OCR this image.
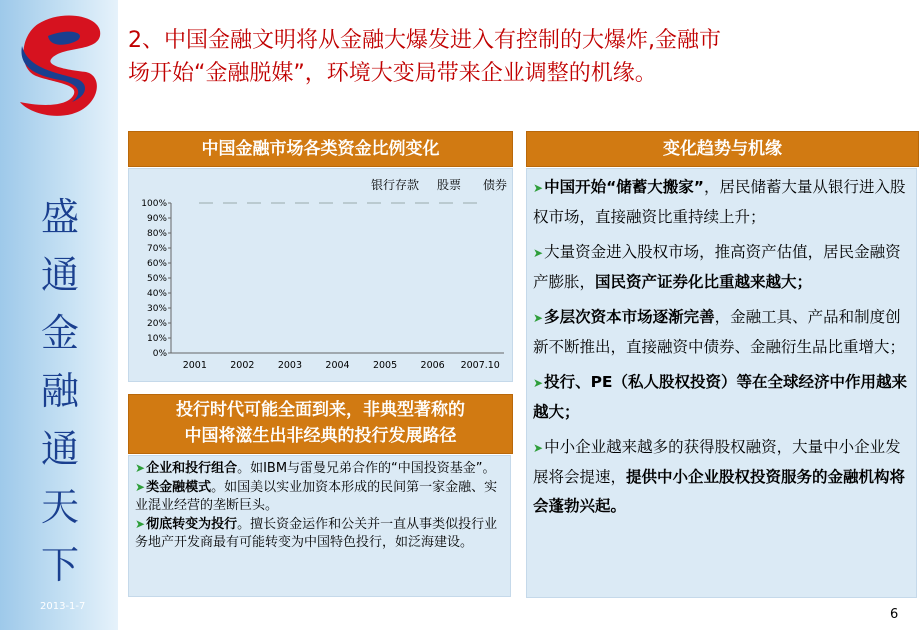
盛
通
金
融
通
天
下
2013-1-7
2、中国金融文明将从金融大爆发进入有控制的大爆炸,金融市
场开始“金融脱媒”，环境大变局带来企业调整的机缘。
中国金融市场各类资金比例变化	变化趋势与机缘
100%
90%
80%
70%
60%
50%
40%
30%
20%
10%
0%
2001 2002 2003 2004 2005 2006 2007.10
银行存款 股票 债券
投行时代可能全面到来，非典型著称的
中国将滋生出非经典的投行发展路径

➤企业和投行组合。如IBM与雷曼兄弟合作的“中国投资基金”。

➤类金融模式。如国美以实业加资本形成的民间第一家金融、实业混业经营的垄断巨头。

➤彻底转变为投行。擅长资金运作和公关并一直从事类似投行业务地产开发商最有可能转变为中国特色投行，如泛海建设。

➤中国开始“储蓄大搬家”，居民储蓄大量从银行进入股权市场，直接融资比重持续上升；

➤大量资金进入股权市场，推高资产估值，居民金融资产膨胀，国民资产证券化比重越来越大；

➤多层次资本市场逐渐完善，金融工具、产品和制度创新不断推出，直接融资中债券、金融衍生品比重增大；

➤投行、PE（私人股权投资）等在全球经济中作用越来越大；

➤中小企业越来越多的获得股权融资，大量中小企业发展将会提速，提供中小企业股权投资服务的金融机构将会蓬勃兴起。

6
